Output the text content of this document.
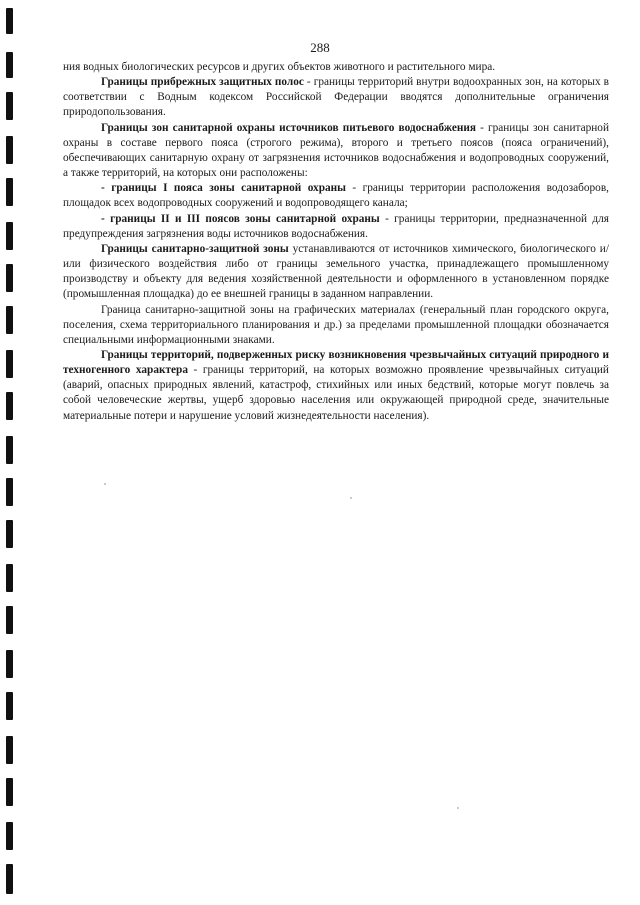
288

ния водных биологических ресурсов и других объектов животного и растительного мира.

Границы прибрежных защитных полос - границы территорий внутри водоохранных зон, на которых в соответствии с Водным кодексом Российской Федерации вводятся дополнительные ограничения природопользования.

Границы зон санитарной охраны источников питьевого водоснабжения - границы зон санитарной охраны в составе первого пояса (строгого режима), второго и третьего поясов (пояса ограничений), обеспечивающих санитарную охрану от загрязнения источников водоснабжения и водопроводных сооружений, а также территорий, на которых они расположены:

- границы I пояса зоны санитарной охраны - границы территории расположения водозаборов, площадок всех водопроводных сооружений и водопроводящего канала;

- границы II и III поясов зоны санитарной охраны - границы территории, предназначенной для предупреждения загрязнения воды источников водоснабжения.

Границы санитарно-защитной зоны устанавливаются от источников химического, биологического и/или физического воздействия либо от границы земельного участка, принадлежащего промышленному производству и объекту для ведения хозяйственной деятельности и оформленного в установленном порядке (промышленная площадка) до ее внешней границы в заданном направлении.

Граница санитарно-защитной зоны на графических материалах (генеральный план городского округа, поселения, схема территориального планирования и др.) за пределами промышленной площадки обозначается специальными информационными знаками.

Границы территорий, подверженных риску возникновения чрезвычайных ситуаций природного и техногенного характера - границы территорий, на которых возможно проявление чрезвычайных ситуаций (аварий, опасных природных явлений, катастроф, стихийных или иных бедствий, которые могут повлечь за собой человеческие жертвы, ущерб здоровью населения или окружающей природной среде, значительные материальные потери и нарушение условий жизнедеятельности населения).
